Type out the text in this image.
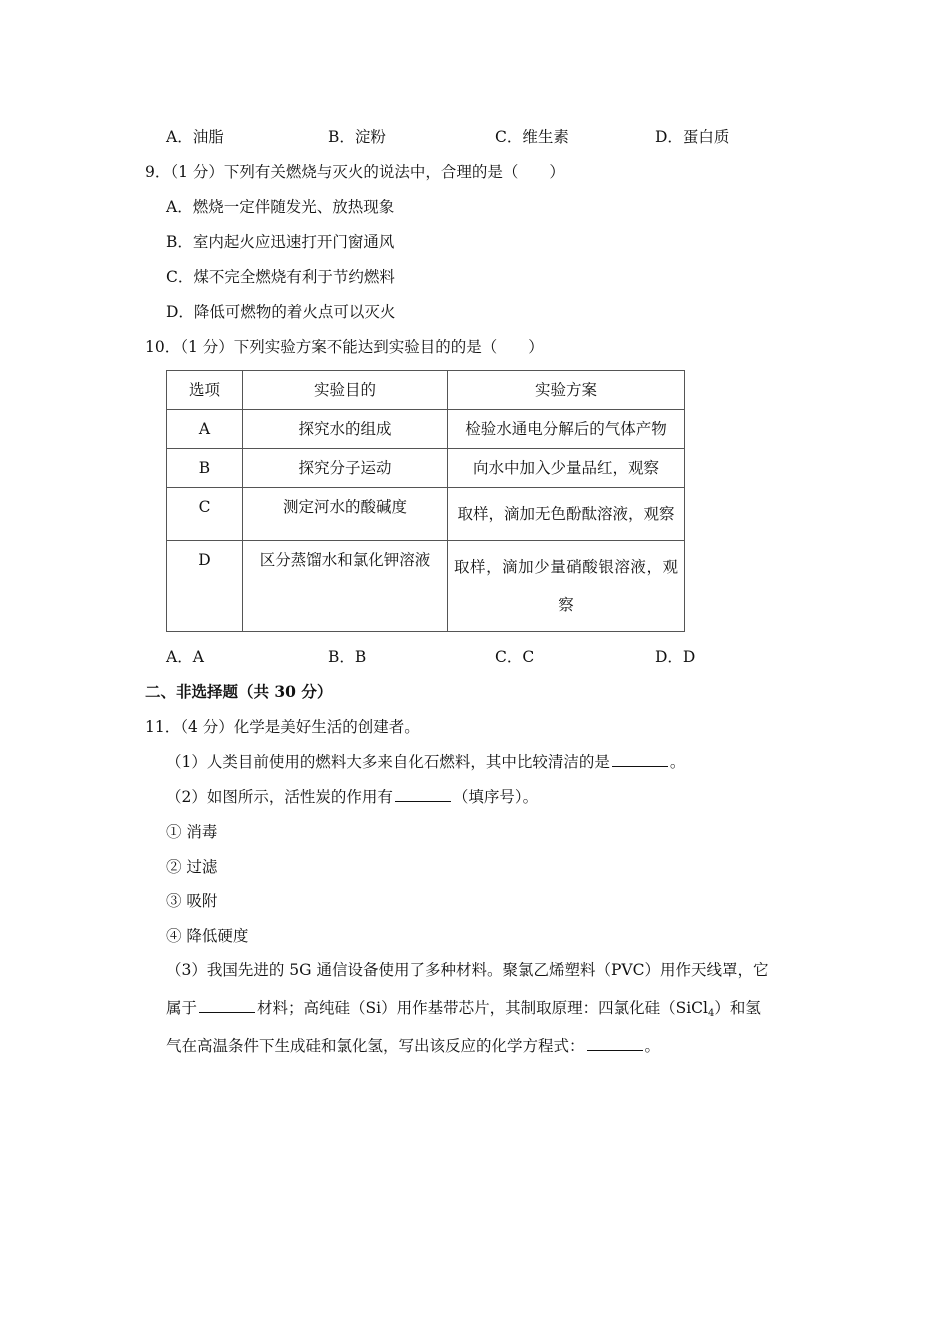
A．油脂	B．淀粉	C．维生素	D．蛋白质
9．（1 分）下列有关燃烧与灭火的说法中，合理的是（　　）
A．燃烧一定伴随发光、放热现象
B．室内起火应迅速打开门窗通风
C．煤不完全燃烧有利于节约燃料
D．降低可燃物的着火点可以灭火
10．（1 分）下列实验方案不能达到实验目的的是（　　）
选项	实验目的	实验方案
A	探究水的组成	检验水通电分解后的气体产物
B	探究分子运动	向水中加入少量品红，观察
C	测定河水的酸碱度	取样，滴加无色酚酞溶液，观察
D	区分蒸馏水和氯化钾溶液	取样，滴加少量硝酸银溶液，观察
A．A	B．B	C．C	D．D
二、非选择题（共 30 分）
11．（4 分）化学是美好生活的创建者。
（1）人类目前使用的燃料大多来自化石燃料，其中比较清洁的是	。
（2）如图所示，活性炭的作用有	（填序号）。
① 消毒
② 过滤
③ 吸附
④ 降低硬度
（3）我国先进的 5G 通信设备使用了多种材料。聚氯乙烯塑料（PVC）用作天线罩，它
属于	材料；高纯硅（Si）用作基带芯片，其制取原理：四氯化硅（SiCl$_4$）和氢
气在高温条件下生成硅和氯化氢，写出该反应的化学方程式：	。
